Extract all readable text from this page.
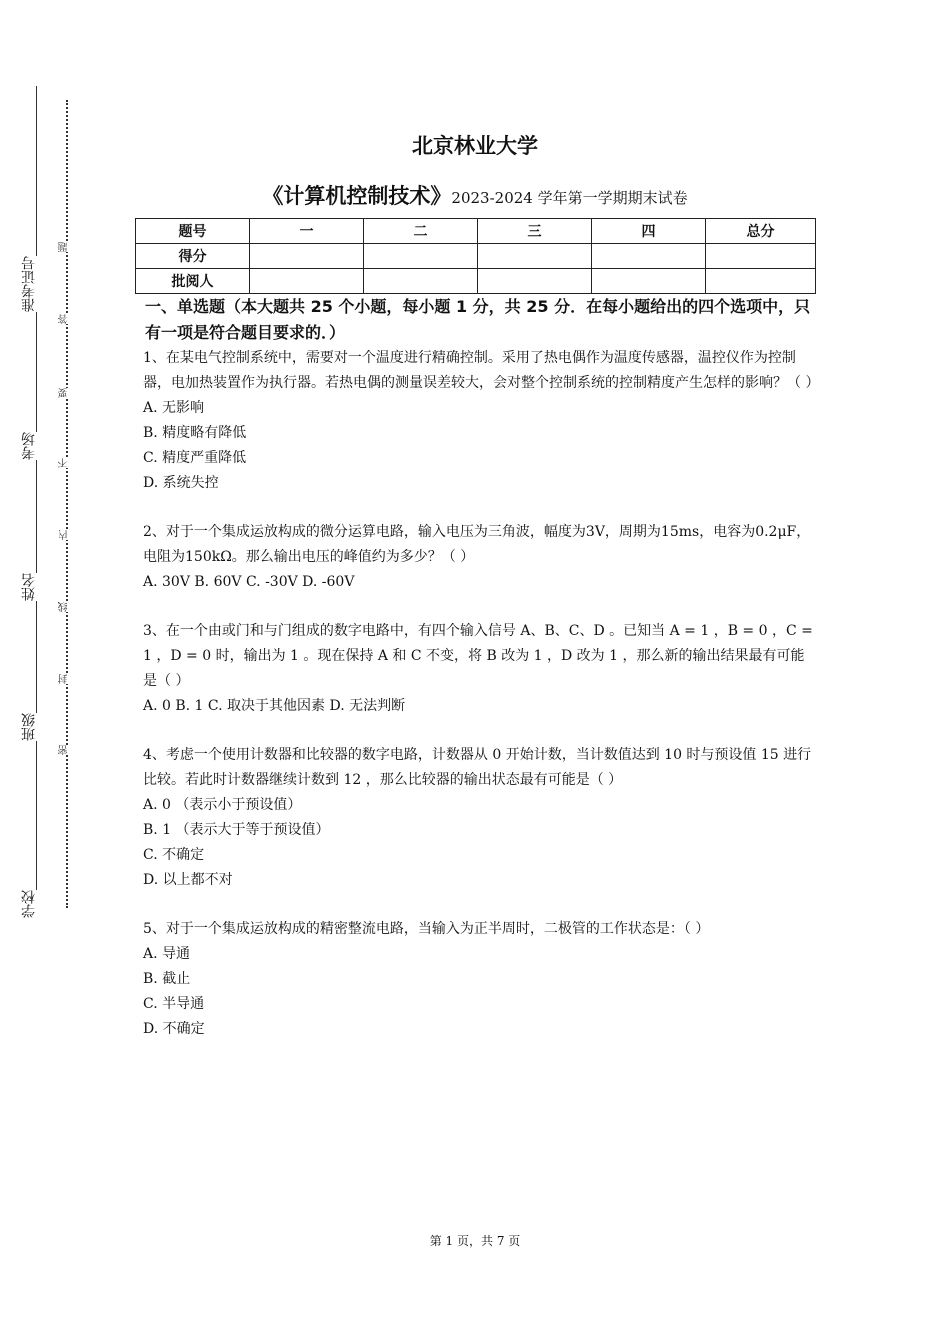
准考证号
考场
姓名
班级
学校
题
答
要
不
内
线
封
密
北京林业大学
《计算机控制技术》2023-2024 学年第一学期期末试卷
题号	一	二	三	四	总分
得分					
批阅人					
一、单选题（本大题共 25 个小题，每小题 1 分，共 25 分．在每小题给出的四个选项中，只有一项是符合题目要求的．）
1、在某电气控制系统中，需要对一个温度进行精确控制。采用了热电偶作为温度传感器，温控仪作为控制器，电加热装置作为执行器。若热电偶的测量误差较大，会对整个控制系统的控制精度产生怎样的影响？（ ）
A. 无影响
B. 精度略有降低
C. 精度严重降低
D. 系统失控
2、对于一个集成运放构成的微分运算电路，输入电压为三角波，幅度为3V，周期为15ms，电容为0.2μF，电阻为150kΩ。那么输出电压的峰值约为多少？（ ）
A. 30V B. 60V C. -30V D. -60V
3、在一个由或门和与门组成的数字电路中，有四个输入信号 A、B、C、D 。已知当 A = 1 ，B = 0 ，C = 1 ，D = 0 时，输出为 1 。现在保持 A 和 C 不变，将 B 改为 1 ，D 改为 1 ，那么新的输出结果最有可能是（ ）
A. 0 B. 1 C. 取决于其他因素 D. 无法判断
4、考虑一个使用计数器和比较器的数字电路，计数器从 0 开始计数，当计数值达到 10 时与预设值 15 进行比较。若此时计数器继续计数到 12 ，那么比较器的输出状态最有可能是（ ）
A. 0 （表示小于预设值）
B. 1 （表示大于等于预设值）
C. 不确定
D. 以上都不对
5、对于一个集成运放构成的精密整流电路，当输入为正半周时，二极管的工作状态是：（ ）
A. 导通
B. 截止
C. 半导通
D. 不确定
第 1 页，共 7 页
